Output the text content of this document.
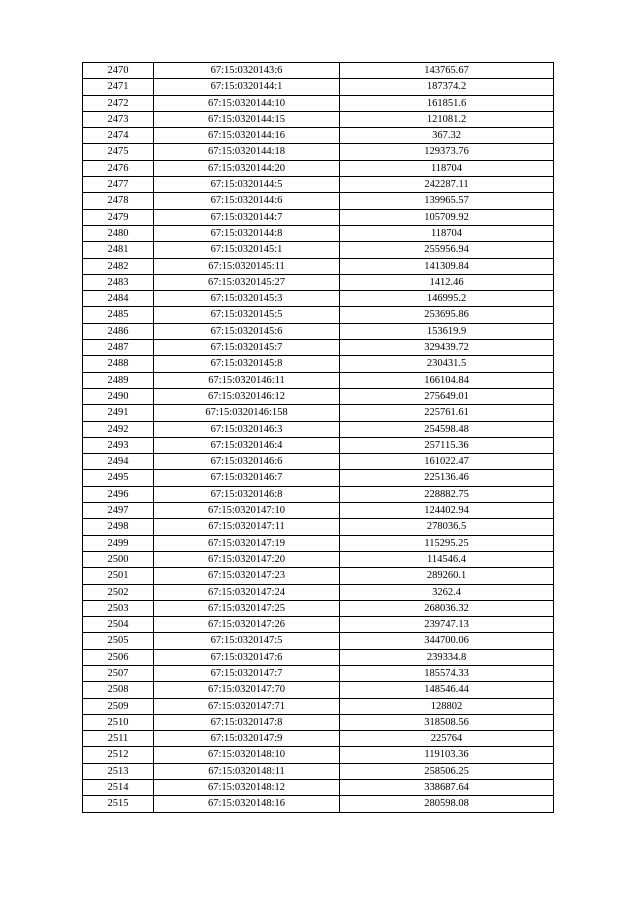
2470	67:15:0320143:6	143765.67
2471	67:15:0320144:1	187374.2
2472	67:15:0320144:10	161851.6
2473	67:15:0320144:15	121081.2
2474	67:15:0320144:16	367.32
2475	67:15:0320144:18	129373.76
2476	67:15:0320144:20	118704
2477	67:15:0320144:5	242287.11
2478	67:15:0320144:6	139965.57
2479	67:15:0320144:7	105709.92
2480	67:15:0320144:8	118704
2481	67:15:0320145:1	255956.94
2482	67:15:0320145:11	141309.84
2483	67:15:0320145:27	1412.46
2484	67:15:0320145:3	146995.2
2485	67:15:0320145:5	253695.86
2486	67:15:0320145:6	153619.9
2487	67:15:0320145:7	329439.72
2488	67:15:0320145:8	230431.5
2489	67:15:0320146:11	166104.84
2490	67:15:0320146:12	275649.01
2491	67:15:0320146:158	225761.61
2492	67:15:0320146:3	254598.48
2493	67:15:0320146:4	257115.36
2494	67:15:0320146:6	161022.47
2495	67:15:0320146:7	225136.46
2496	67:15:0320146:8	228882.75
2497	67:15:0320147:10	124402.94
2498	67:15:0320147:11	278036.5
2499	67:15:0320147:19	115295.25
2500	67:15:0320147:20	114546.4
2501	67:15:0320147:23	289260.1
2502	67:15:0320147:24	3262.4
2503	67:15:0320147:25	268036.32
2504	67:15:0320147:26	239747.13
2505	67:15:0320147:5	344700.06
2506	67:15:0320147:6	239334.8
2507	67:15:0320147:7	185574.33
2508	67:15:0320147:70	148546.44
2509	67:15:0320147:71	128802
2510	67:15:0320147:8	318508.56
2511	67:15:0320147:9	225764
2512	67:15:0320148:10	119103.36
2513	67:15:0320148:11	258506.25
2514	67:15:0320148:12	338687.64
2515	67:15:0320148:16	280598.08
